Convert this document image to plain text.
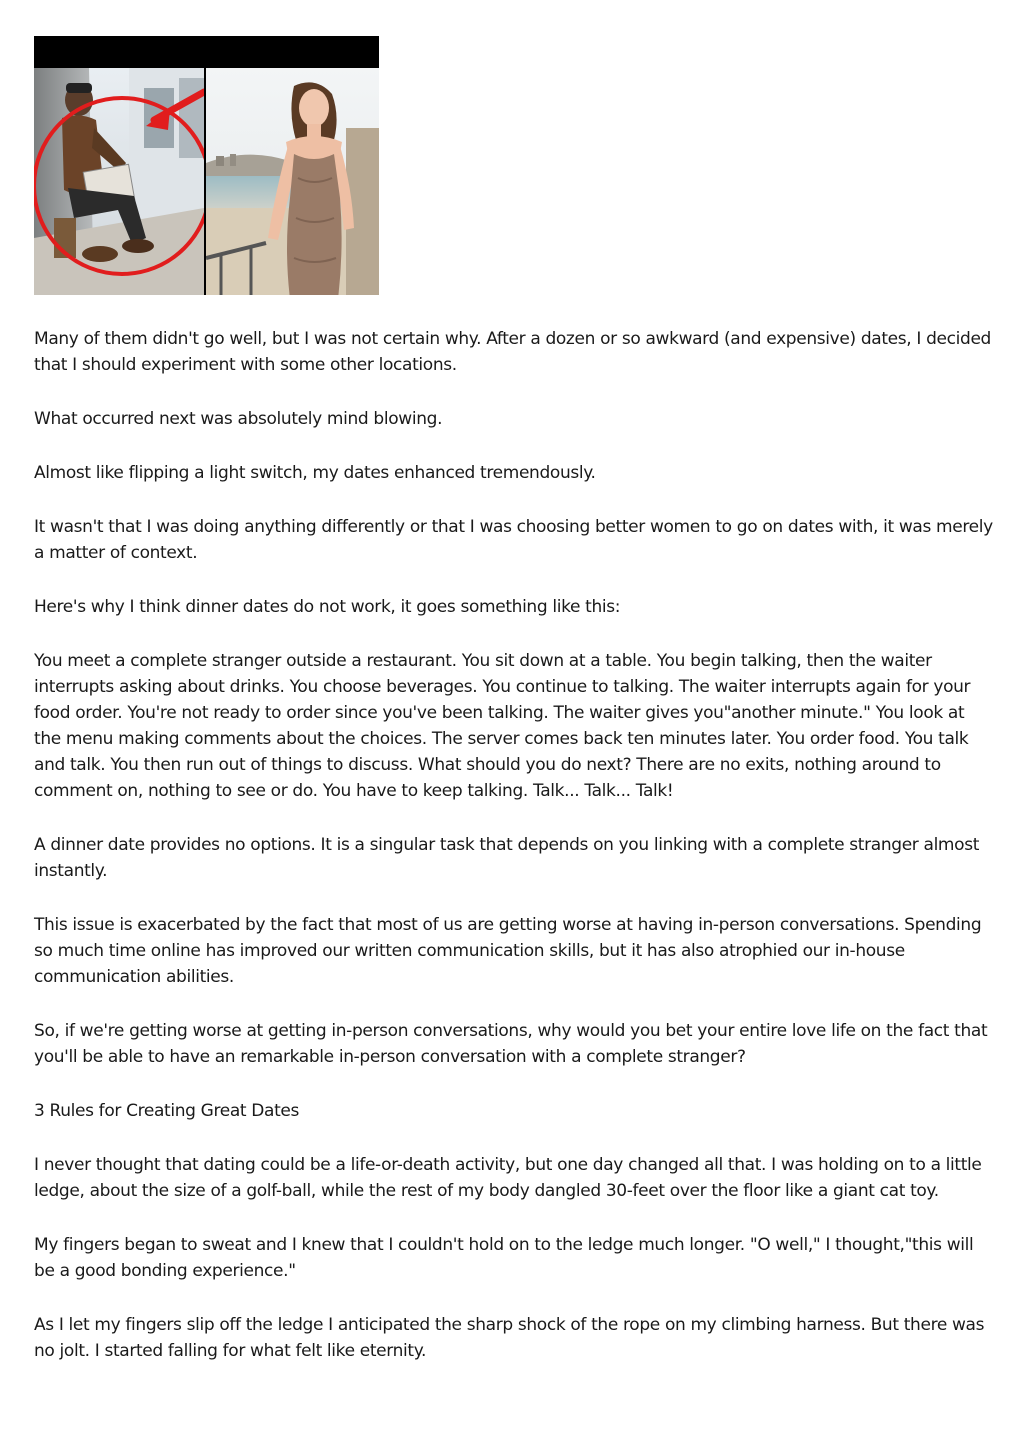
Many of them didn't go well, but I was not certain why. After a dozen or so awkward (and expensive) dates, I decided that I should experiment with some other locations.

What occurred next was absolutely mind blowing.

Almost like flipping a light switch, my dates enhanced tremendously.

It wasn't that I was doing anything differently or that I was choosing better women to go on dates with, it was merely a matter of context.

Here's why I think dinner dates do not work, it goes something like this:

You meet a complete stranger outside a restaurant. You sit down at a table. You begin talking, then the waiter interrupts asking about drinks. You choose beverages. You continue to talking. The waiter interrupts again for your food order. You're not ready to order since you've been talking. The waiter gives you"another minute." You look at the menu making comments about the choices. The server comes back ten minutes later. You order food. You talk and talk. You then run out of things to discuss. What should you do next? There are no exits, nothing around to comment on, nothing to see or do. You have to keep talking. Talk... Talk... Talk!

A dinner date provides no options. It is a singular task that depends on you linking with a complete stranger almost instantly.

This issue is exacerbated by the fact that most of us are getting worse at having in-person conversations. Spending so much time online has improved our written communication skills, but it has also atrophied our in-house communication abilities.

So, if we're getting worse at getting in-person conversations, why would you bet your entire love life on the fact that you'll be able to have an remarkable in-person conversation with a complete stranger?

3 Rules for Creating Great Dates

I never thought that dating could be a life-or-death activity, but one day changed all that. I was holding on to a little ledge, about the size of a golf-ball, while the rest of my body dangled 30-feet over the floor like a giant cat toy.

My fingers began to sweat and I knew that I couldn't hold on to the ledge much longer. "O well," I thought,"this will be a good bonding experience."

As I let my fingers slip off the ledge I anticipated the sharp shock of the rope on my climbing harness. But there was no jolt. I started falling for what felt like eternity.
